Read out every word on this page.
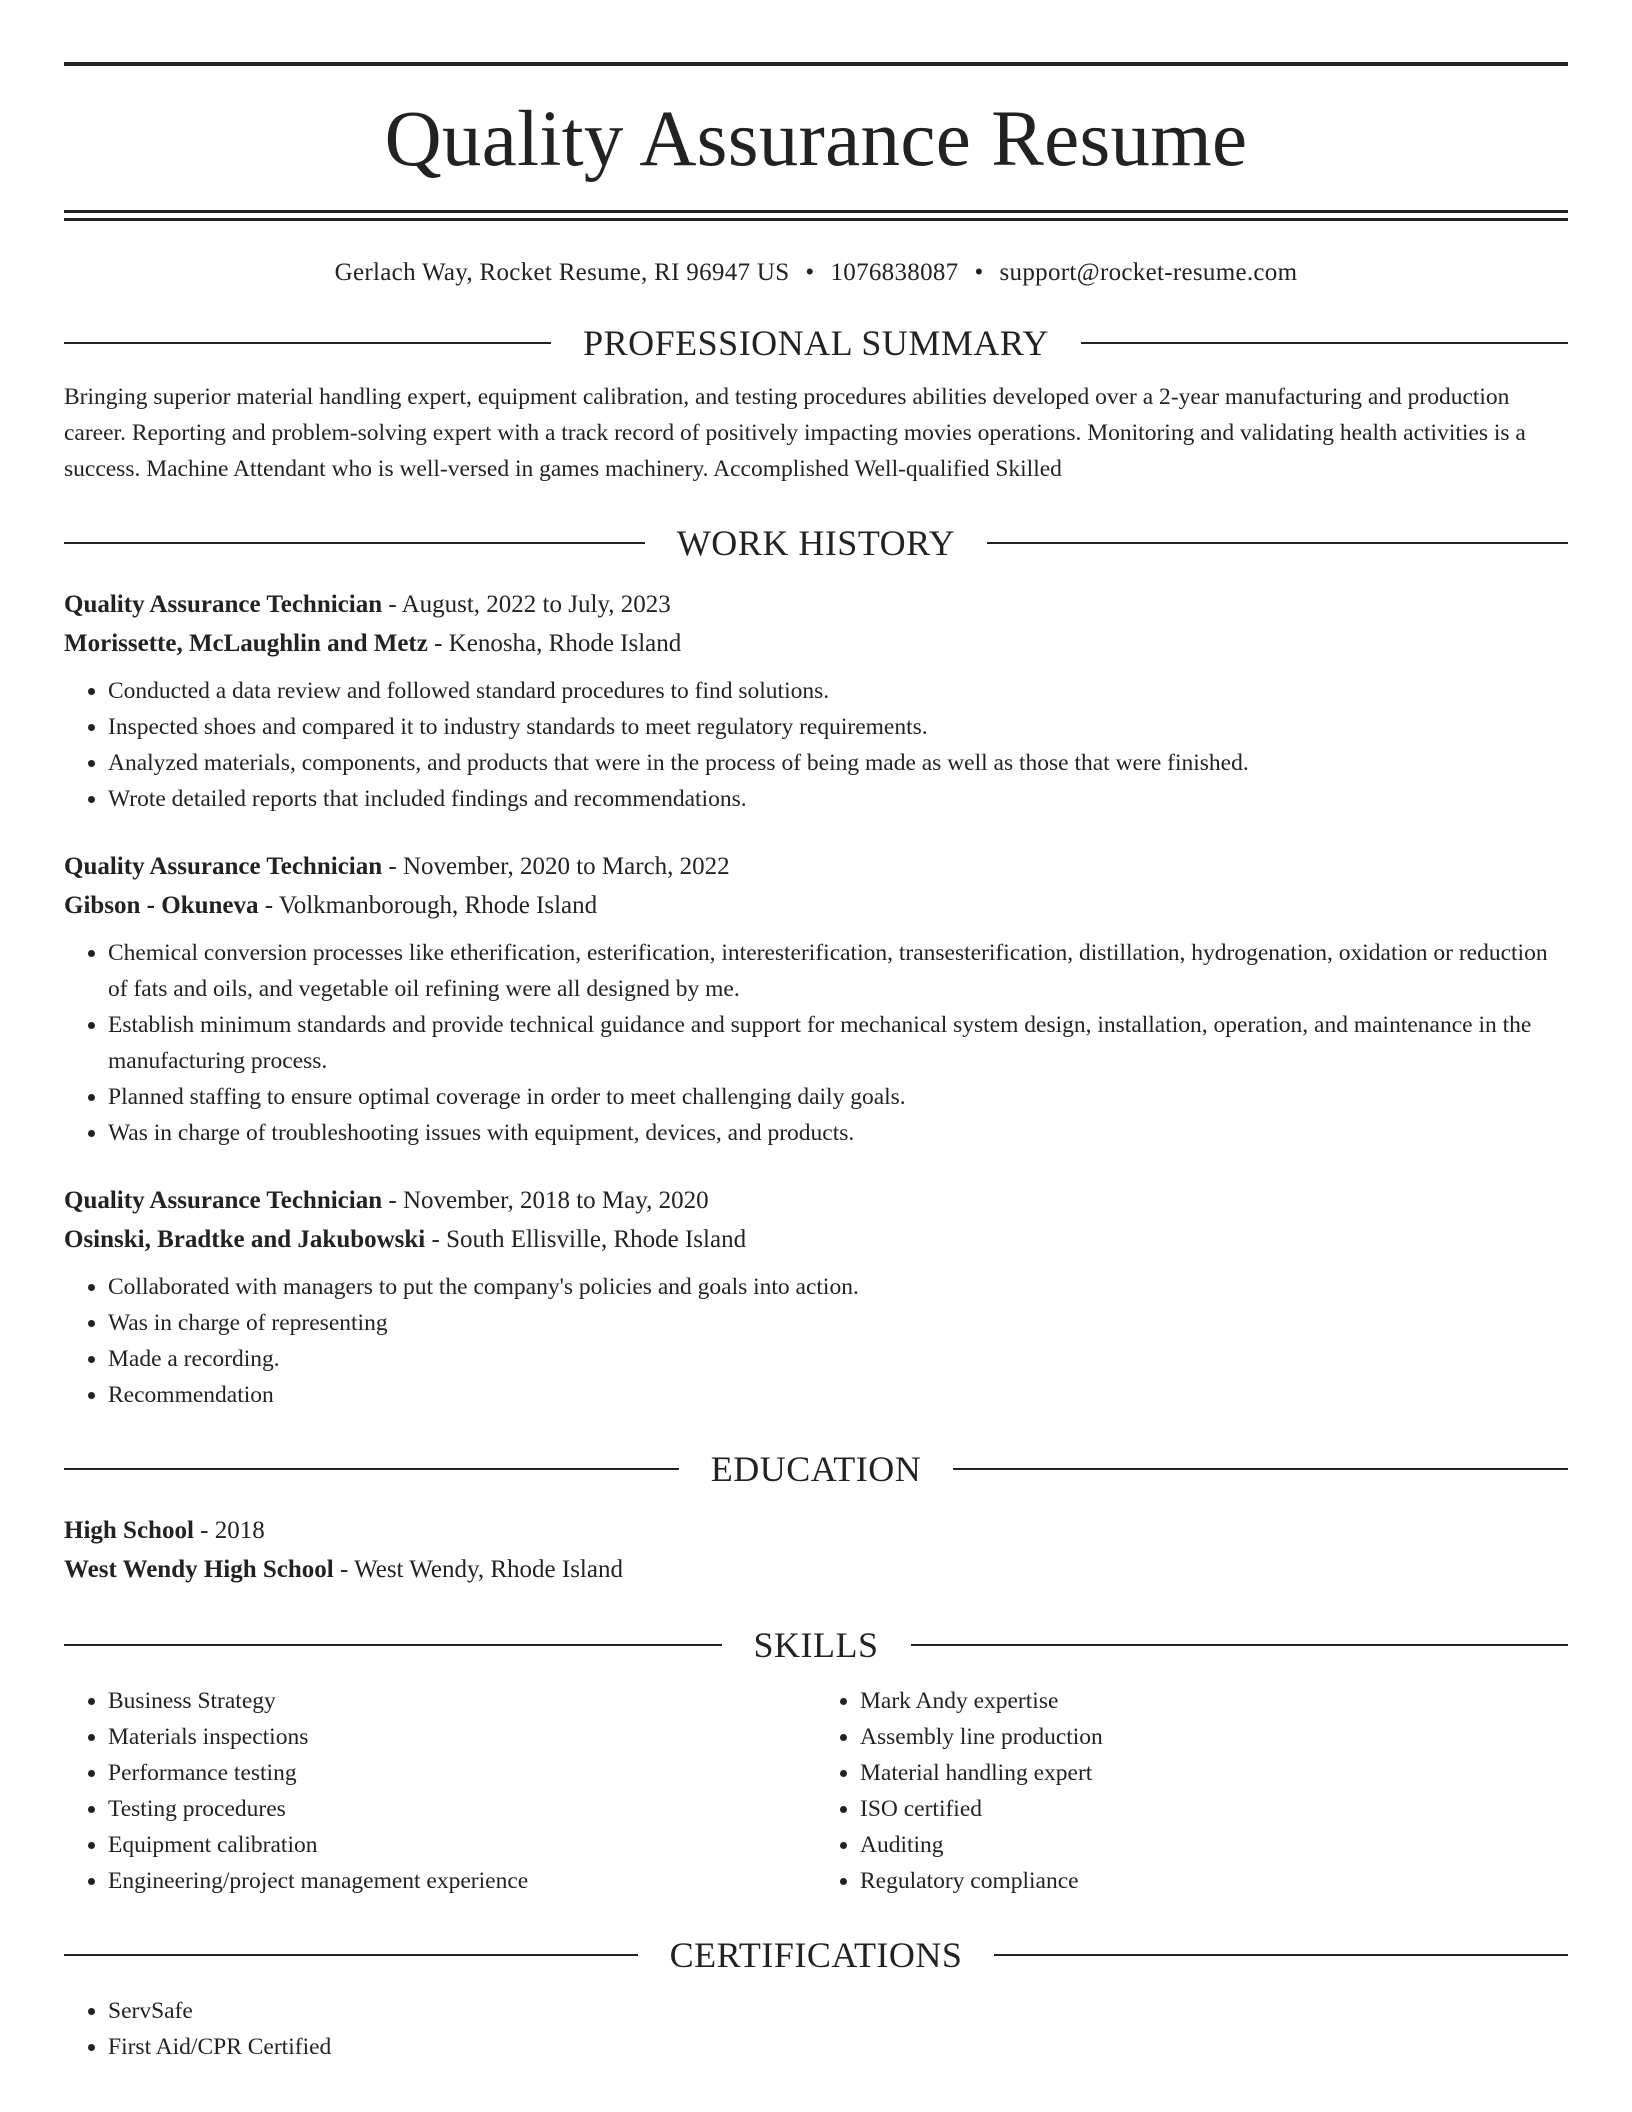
Quality Assurance Resume
Gerlach Way, Rocket Resume, RI 96947 US • 1076838087 • support@rocket-resume.com
PROFESSIONAL SUMMARY
Bringing superior material handling expert, equipment calibration, and testing procedures abilities developed over a 2-year manufacturing and production career. Reporting and problem-solving expert with a track record of positively impacting movies operations. Monitoring and validating health activities is a success. Machine Attendant who is well-versed in games machinery. Accomplished Well-qualified Skilled
WORK HISTORY
Quality Assurance Technician - August, 2022 to July, 2023
Morissette, McLaughlin and Metz - Kenosha, Rhode Island
• Conducted a data review and followed standard procedures to find solutions.
• Inspected shoes and compared it to industry standards to meet regulatory requirements.
• Analyzed materials, components, and products that were in the process of being made as well as those that were finished.
• Wrote detailed reports that included findings and recommendations.
Quality Assurance Technician - November, 2020 to March, 2022
Gibson - Okuneva - Volkmanborough, Rhode Island
• Chemical conversion processes like etherification, esterification, interesterification, transesterification, distillation, hydrogenation, oxidation or reduction of fats and oils, and vegetable oil refining were all designed by me.
• Establish minimum standards and provide technical guidance and support for mechanical system design, installation, operation, and maintenance in the manufacturing process.
• Planned staffing to ensure optimal coverage in order to meet challenging daily goals.
• Was in charge of troubleshooting issues with equipment, devices, and products.
Quality Assurance Technician - November, 2018 to May, 2020
Osinski, Bradtke and Jakubowski - South Ellisville, Rhode Island
• Collaborated with managers to put the company's policies and goals into action.
• Was in charge of representing
• Made a recording.
• Recommendation
EDUCATION
High School - 2018
West Wendy High School - West Wendy, Rhode Island
SKILLS
• Business Strategy
• Materials inspections
• Performance testing
• Testing procedures
• Equipment calibration
• Engineering/project management experience
• Mark Andy expertise
• Assembly line production
• Material handling expert
• ISO certified
• Auditing
• Regulatory compliance
CERTIFICATIONS
• ServSafe
• First Aid/CPR Certified
